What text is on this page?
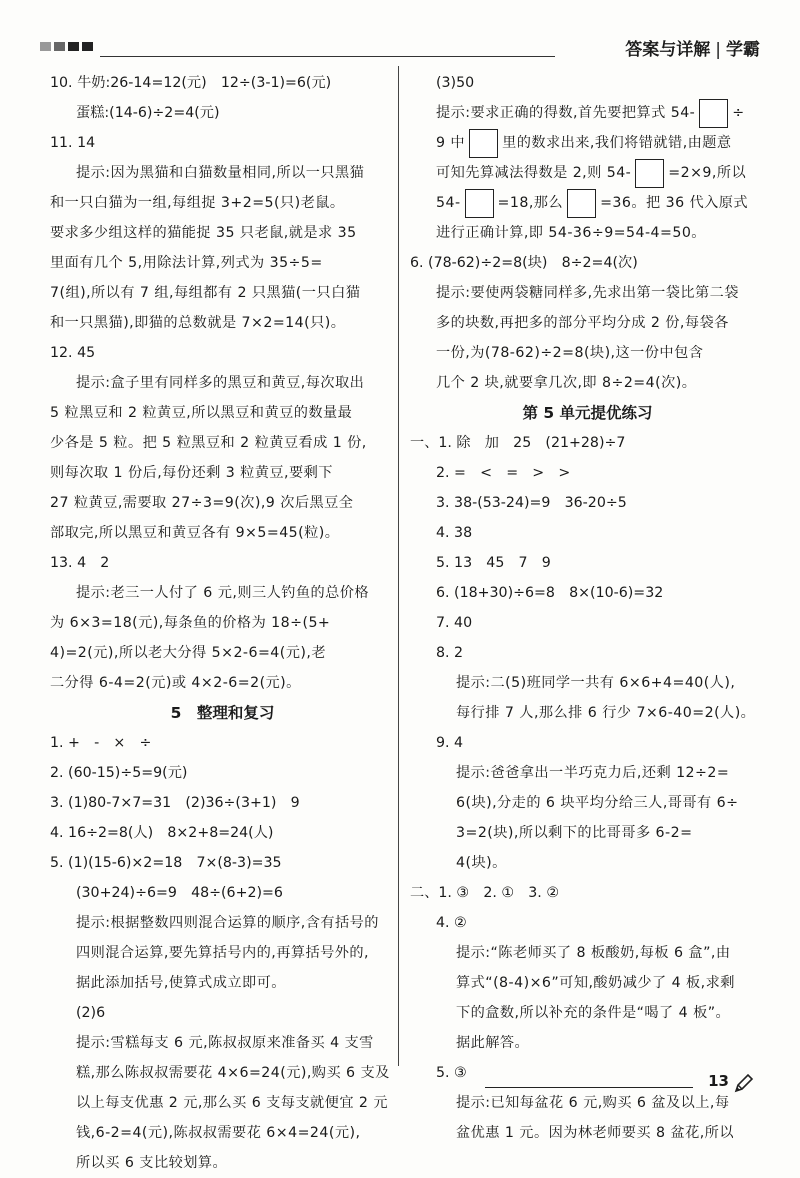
答案与详解 | 学霸
10. 牛奶:26-14=12(元)　12÷(3-1)=6(元)
蛋糕:(14-6)÷2=4(元)
11. 14
提示:因为黑猫和白猫数量相同,所以一只黑猫
和一只白猫为一组,每组捉 3+2=5(只)老鼠。
要求多少组这样的猫能捉 35 只老鼠,就是求 35
里面有几个 5,用除法计算,列式为 35÷5=
7(组),所以有 7 组,每组都有 2 只黑猫(一只白猫
和一只黑猫),即猫的总数就是 7×2=14(只)。
12. 45
提示:盒子里有同样多的黑豆和黄豆,每次取出
5 粒黑豆和 2 粒黄豆,所以黑豆和黄豆的数量最
少各是 5 粒。把 5 粒黑豆和 2 粒黄豆看成 1 份,
则每次取 1 份后,每份还剩 3 粒黄豆,要剩下
27 粒黄豆,需要取 27÷3=9(次),9 次后黑豆全
部取完,所以黑豆和黄豆各有 9×5=45(粒)。
13. 4　2
提示:老三一人付了 6 元,则三人钓鱼的总价格
为 6×3=18(元),每条鱼的价格为 18÷(5+
4)=2(元),所以老大分得 5×2-6=4(元),老
二分得 6-4=2(元)或 4×2-6=2(元)。
5　整理和复习
1. +　-　×　÷
2. (60-15)÷5=9(元)
3. (1)80-7×7=31　(2)36÷(3+1)　9
4. 16÷2=8(人)　8×2+8=24(人)
5. (1)(15-6)×2=18　7×(8-3)=35
(30+24)÷6=9　48÷(6+2)=6
提示:根据整数四则混合运算的顺序,含有括号的
四则混合运算,要先算括号内的,再算括号外的,
据此添加括号,使算式成立即可。
(2)6
提示:雪糕每支 6 元,陈叔叔原来准备买 4 支雪
糕,那么陈叔叔需要花 4×6=24(元),购买 6 支及
以上每支优惠 2 元,那么买 6 支每支就便宜 2 元
钱,6-2=4(元),陈叔叔需要花 6×4=24(元),
所以买 6 支比较划算。
(3)50
提示:要求正确的得数,首先要把算式 54-	÷
9 中	里的数求出来,我们将错就错,由题意
可知先算减法得数是 2,则 54-	=2×9,所以
54-	=18,那么	=36。把 36 代入原式
进行正确计算,即 54-36÷9=54-4=50。
6. (78-62)÷2=8(块)　8÷2=4(次)
提示:要使两袋糖同样多,先求出第一袋比第二袋
多的块数,再把多的部分平均分成 2 份,每袋各
一份,为(78-62)÷2=8(块),这一份中包含
几个 2 块,就要拿几次,即 8÷2=4(次)。
第 5 单元提优练习
一、1. 除　加　25　(21+28)÷7
2. =　<　=　>　>
3. 38-(53-24)=9　36-20÷5
4. 38
5. 13　45　7　9
6. (18+30)÷6=8　8×(10-6)=32
7. 40
8. 2
提示:二(5)班同学一共有 6×6+4=40(人),
每行排 7 人,那么排 6 行少 7×6-40=2(人)。
9. 4
提示:爸爸拿出一半巧克力后,还剩 12÷2=
6(块),分走的 6 块平均分给三人,哥哥有 6÷
3=2(块),所以剩下的比哥哥多 6-2=
4(块)。
二、1. ③　2. ①　3. ②
4. ②
提示:“陈老师买了 8 板酸奶,每板 6 盒”,由
算式“(8-4)×6”可知,酸奶减少了 4 板,求剩
下的盒数,所以补充的条件是“喝了 4 板”。
据此解答。
5. ③
提示:已知每盆花 6 元,购买 6 盆及以上,每
盆优惠 1 元。因为林老师要买 8 盆花,所以
13
